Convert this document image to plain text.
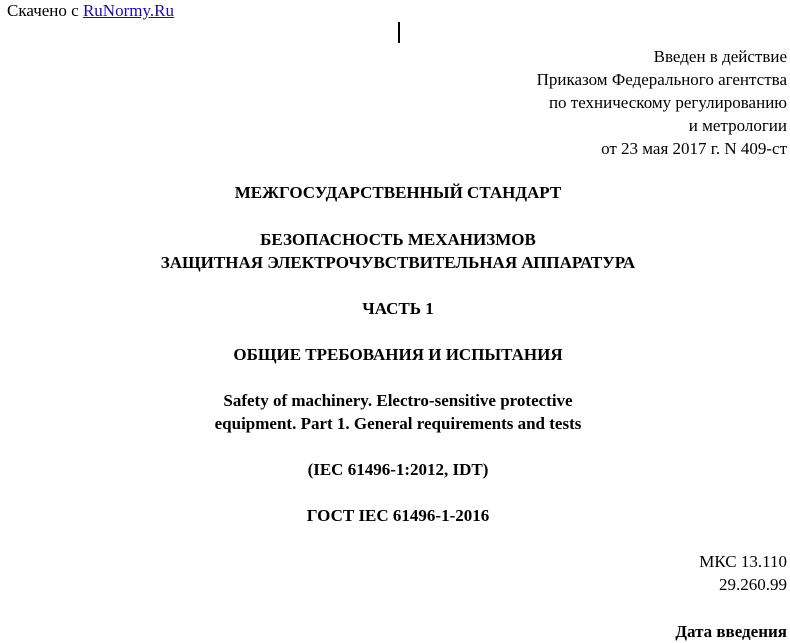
Скачено с RuNormy.Ru
Введен в действие
Приказом Федерального агентства
по техническому регулированию
и метрологии
от 23 мая 2017 г. N 409-ст
МЕЖГОСУДАРСТВЕННЫЙ СТАНДАРТ
БЕЗОПАСНОСТЬ МЕХАНИЗМОВ
ЗАЩИТНАЯ ЭЛЕКТРОЧУВСТВИТЕЛЬНАЯ АППАРАТУРА
ЧАСТЬ 1
ОБЩИЕ ТРЕБОВАНИЯ И ИСПЫТАНИЯ
Safety of machinery. Electro-sensitive protective
equipment. Part 1. General requirements and tests
(IEC 61496-1:2012, IDT)
ГОСТ IEC 61496-1-2016
МКС 13.110
29.260.99
Дата введения
